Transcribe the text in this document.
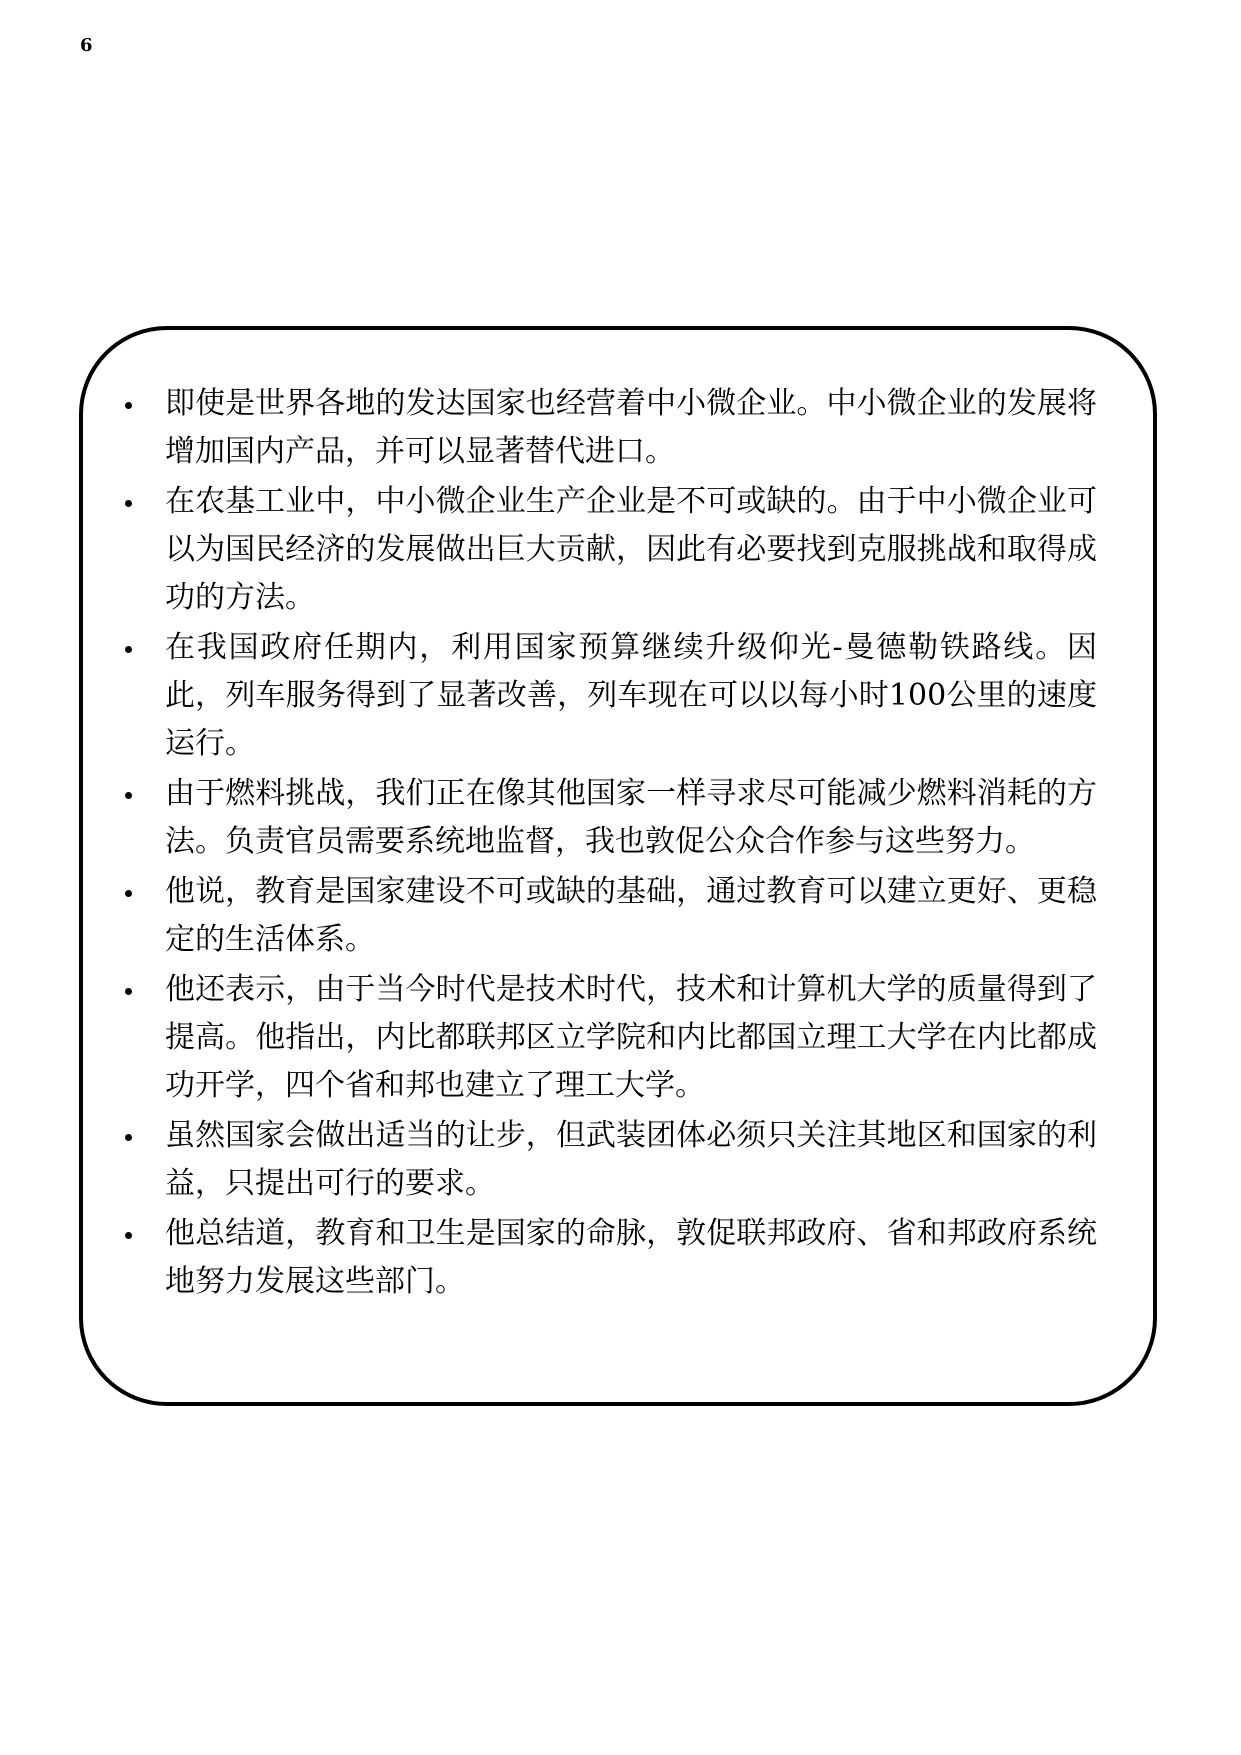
6
即使是世界各地的发达国家也经营着中小微企业。中小微企业的发展将增加国内产品，并可以显著替代进口。
在农基工业中，中小微企业生产企业是不可或缺的。由于中小微企业可以为国民经济的发展做出巨大贡献，因此有必要找到克服挑战和取得成功的方法。
在我国政府任期内，利用国家预算继续升级仰光-曼德勒铁路线。因此，列车服务得到了显著改善，列车现在可以以每小时100公里的速度运行。
由于燃料挑战，我们正在像其他国家一样寻求尽可能减少燃料消耗的方法。负责官员需要系统地监督，我也敦促公众合作参与这些努力。
他说，教育是国家建设不可或缺的基础，通过教育可以建立更好、更稳定的生活体系。
他还表示，由于当今时代是技术时代，技术和计算机大学的质量得到了提高。他指出，内比都联邦区立学院和内比都国立理工大学在内比都成功开学，四个省和邦也建立了理工大学。
虽然国家会做出适当的让步，但武装团体必须只关注其地区和国家的利益，只提出可行的要求。
他总结道，教育和卫生是国家的命脉，敦促联邦政府、省和邦政府系统地努力发展这些部门。
